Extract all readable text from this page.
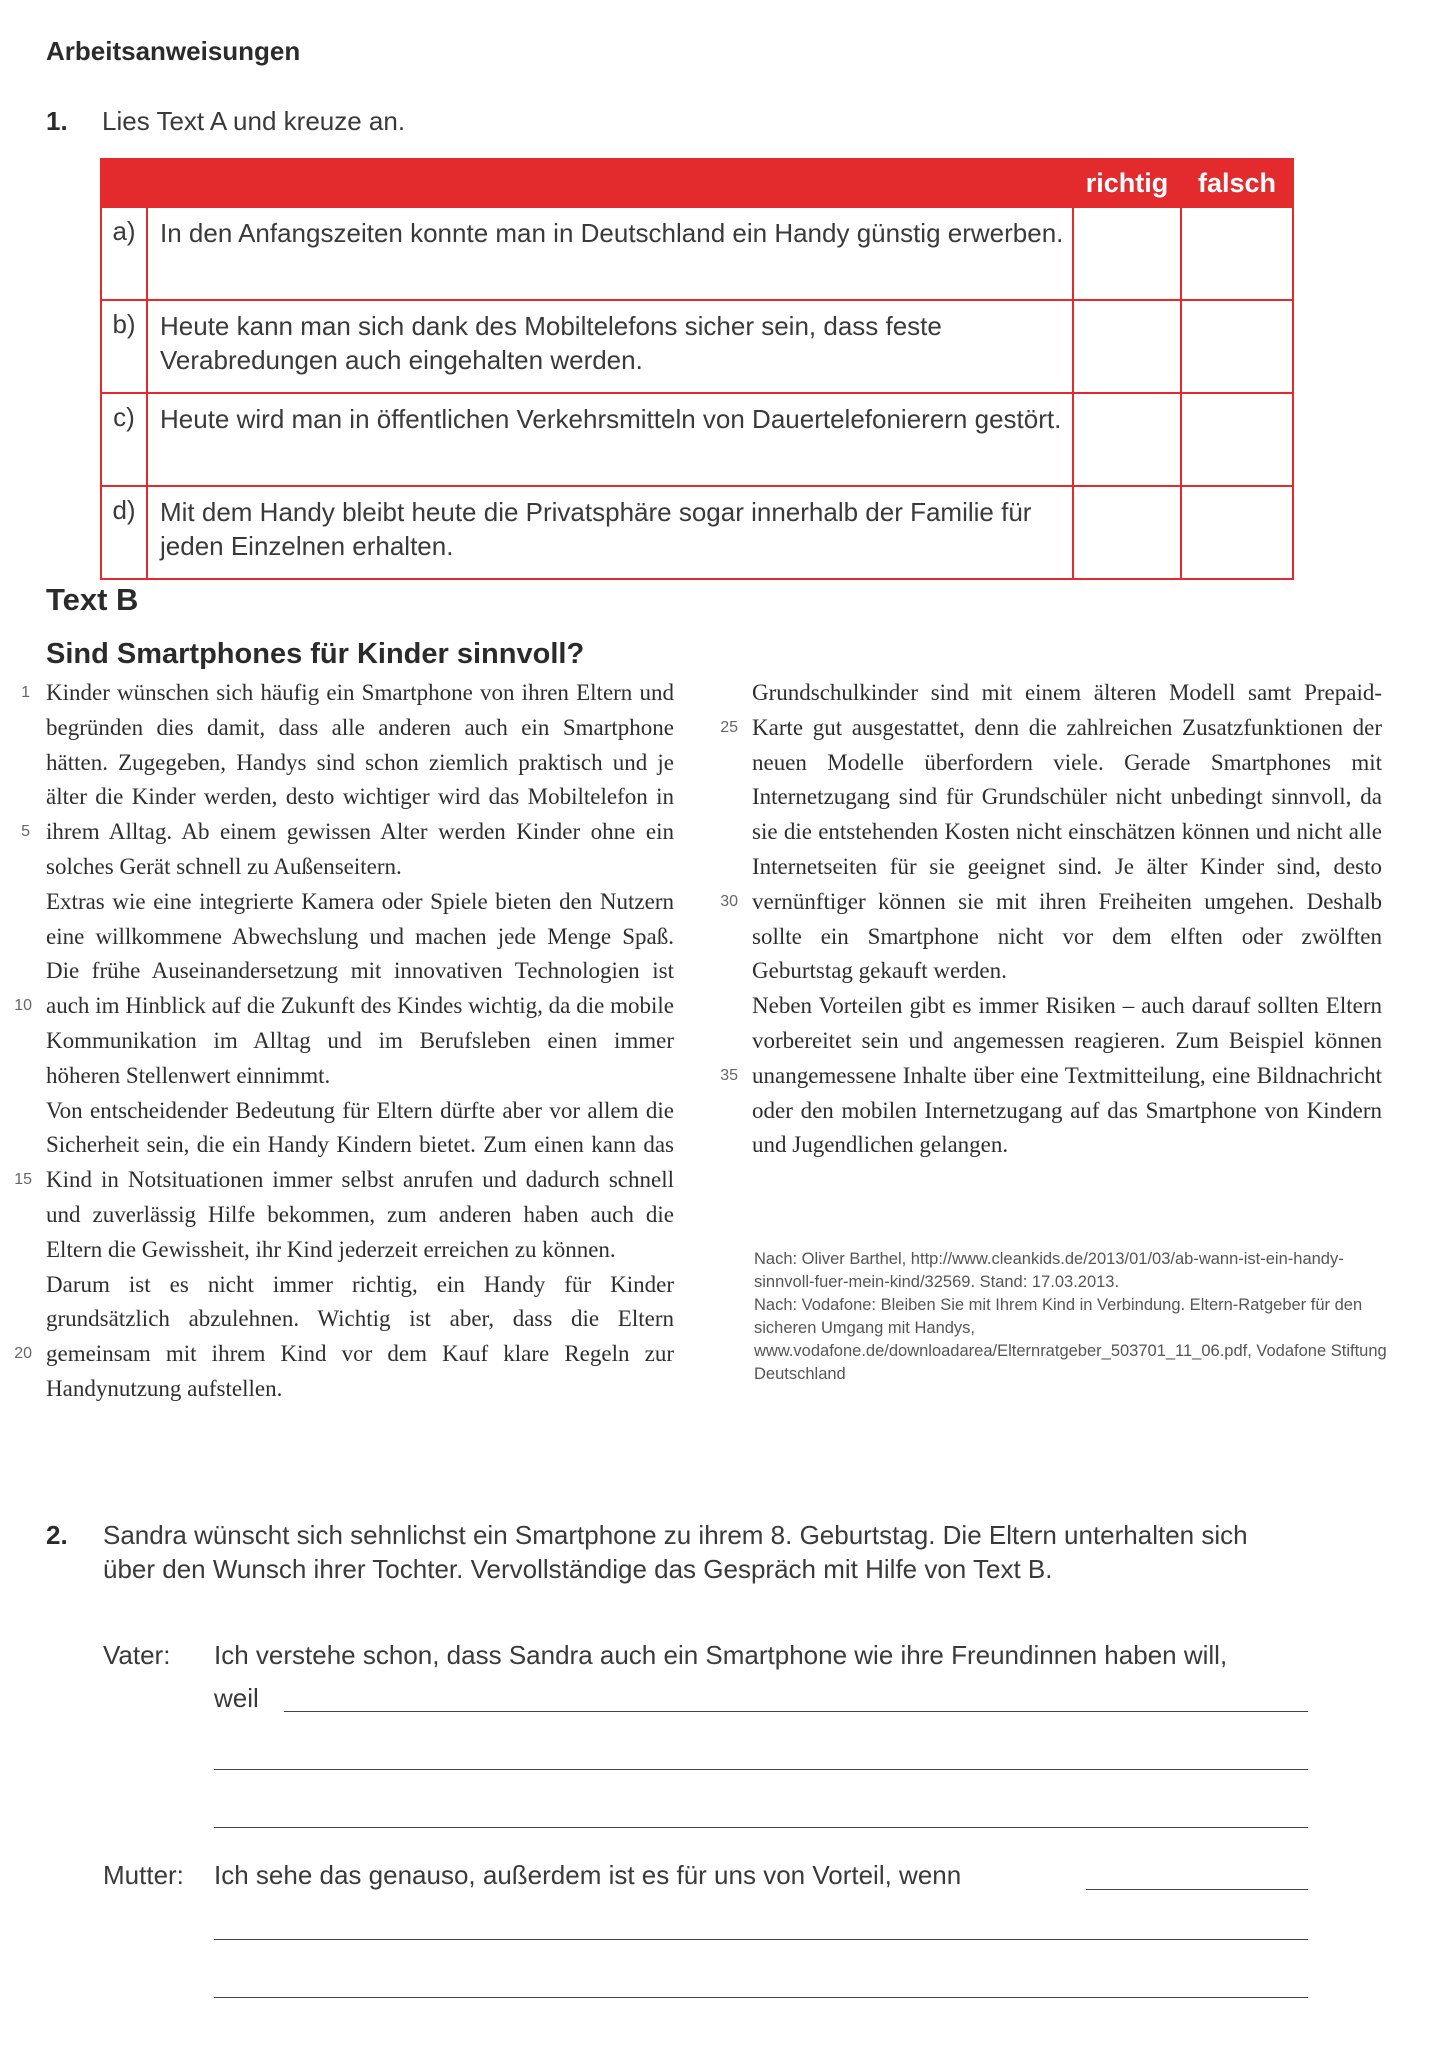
Arbeitsanweisungen
1. Lies Text A und kreuze an.
		richtig	falsch
a)	In den Anfangszeiten konnte man in Deutschland ein Handy günstig erwerben.		
b)	Heute kann man sich dank des Mobiltelefons sicher sein, dass feste Verabredungen auch eingehalten werden.		
c)	Heute wird man in öffentlichen Verkehrsmitteln von Dauertelefonierern gestört.		
d)	Mit dem Handy bleibt heute die Privatsphäre sogar innerhalb der Familie für jeden Einzelnen erhalten.		
Text B
Sind Smartphones für Kinder sinnvoll?
1
5
10
15
20
25
30
35

Kinder wünschen sich häufig ein Smartphone von ihren Eltern und begründen dies damit, dass alle anderen auch ein Smartphone hätten. Zugegeben, Handys sind schon ziemlich praktisch und je älter die Kinder werden, desto wichtiger wird das Mobiltelefon in ihrem Alltag. Ab einem gewissen Alter werden Kinder ohne ein solches Gerät schnell zu Außenseitern.

Extras wie eine integrierte Kamera oder Spiele bieten den Nutzern eine willkommene Abwechslung und machen jede Menge Spaß. Die frühe Auseinandersetzung mit innovativen Technologien ist auch im Hinblick auf die Zukunft des Kindes wichtig, da die mobile Kommunikation im Alltag und im Berufsleben einen immer höheren Stellenwert einnimmt.

Von entscheidender Bedeutung für Eltern dürfte aber vor allem die Sicherheit sein, die ein Handy Kindern bietet. Zum einen kann das Kind in Notsituationen immer selbst anrufen und dadurch schnell und zuverlässig Hilfe bekommen, zum anderen haben auch die Eltern die Gewissheit, ihr Kind jederzeit erreichen zu können.

Darum ist es nicht immer richtig, ein Handy für Kinder grundsätzlich abzulehnen. Wichtig ist aber, dass die Eltern gemeinsam mit ihrem Kind vor dem Kauf klare Regeln zur Handynutzung aufstellen.

Grundschulkinder sind mit einem älteren Modell samt Prepaid-Karte gut ausgestattet, denn die zahlreichen Zusatzfunktionen der neuen Modelle überfordern viele. Gerade Smartphones mit Internetzugang sind für Grundschüler nicht unbedingt sinnvoll, da sie die entstehenden Kosten nicht einschätzen können und nicht alle Internetseiten für sie geeignet sind. Je älter Kinder sind, desto vernünftiger können sie mit ihren Freiheiten umgehen. Deshalb sollte ein Smartphone nicht vor dem elften oder zwölften Geburtstag gekauft werden.

Neben Vorteilen gibt es immer Risiken – auch darauf sollten Eltern vorbereitet sein und angemessen reagieren. Zum Beispiel können unangemessene Inhalte über eine Textmitteilung, eine Bildnachricht oder den mobilen Internetzugang auf das Smartphone von Kindern und Jugendlichen gelangen.

Nach: Oliver Barthel, http://www.cleankids.de/2013/01/03/ab-wann-ist-ein-handy-sinnvoll-fuer-mein-kind/32569. Stand: 17.03.2013.
Nach: Vodafone: Bleiben Sie mit Ihrem Kind in Verbindung. Eltern-Ratgeber für den sicheren Umgang mit Handys, www.vodafone.de/downloadarea/Elternratgeber_503701_11_06.pdf, Vodafone Stiftung Deutschland
2. Sandra wünscht sich sehnlichst ein Smartphone zu ihrem 8. Geburtstag. Die Eltern unterhalten sich über den Wunsch ihrer Tochter. Vervollständige das Gespräch mit Hilfe von Text B.
Vater: Ich verstehe schon, dass Sandra auch ein Smartphone wie ihre Freundinnen haben will,
weil
Mutter: Ich sehe das genauso, außerdem ist es für uns von Vorteil, wenn
